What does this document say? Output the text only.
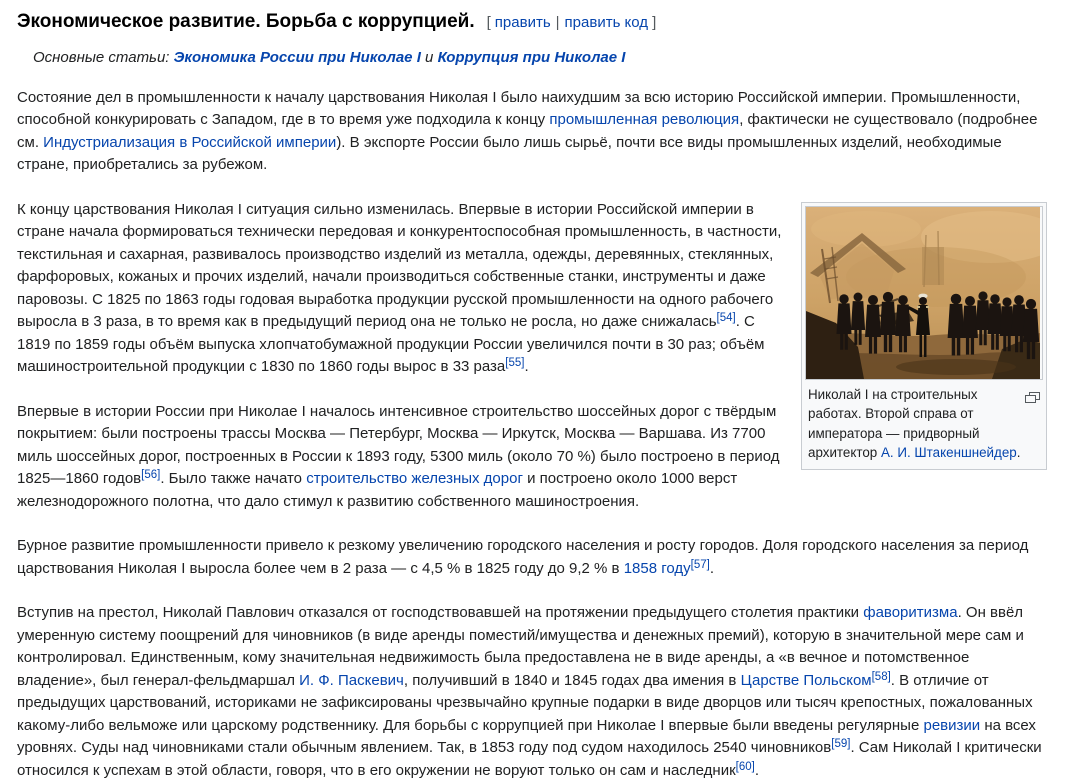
Экономическое развитие. Борьба с коррупцией. [ править | править код ]
Основные статьи: Экономика России при Николае I и Коррупция при Николае I

Состояние дел в промышленности к началу царствования Николая I было наихудшим за всю историю Российской империи. Промышленности, способной конкурировать с Западом, где в то время уже подходила к концу промышленная революция, фактически не существовало (подробнее см. Индустриализация в Российской империи). В экспорте России было лишь сырьё, почти все виды промышленных изделий, необходимые стране, приобретались за рубежом.

Николай I на строительных работах. Второй справа от императора — придворный архитектор А. И. Штакеншнейдер.

К концу царствования Николая I ситуация сильно изменилась. Впервые в истории Российской империи в стране начала формироваться технически передовая и конкурентоспособная промышленность, в частности, текстильная и сахарная, развивалось производство изделий из металла, одежды, деревянных, стеклянных, фарфоровых, кожаных и прочих изделий, начали производиться собственные станки, инструменты и даже паровозы. С 1825 по 1863 годы годовая выработка продукции русской промышленности на одного рабочего выросла в 3 раза, в то время как в предыдущий период она не только не росла, но даже снижалась[54]. С 1819 по 1859 годы объём выпуска хлопчатобумажной продукции России увеличился почти в 30 раз; объём машиностроительной продукции с 1830 по 1860 годы вырос в 33 раза[55].

Впервые в истории России при Николае I началось интенсивное строительство шоссейных дорог с твёрдым покрытием: были построены трассы Москва — Петербург, Москва — Иркутск, Москва — Варшава. Из 7700 миль шоссейных дорог, построенных в России к 1893 году, 5300 миль (около 70 %) было построено в период 1825—1860 годов[56]. Было также начато строительство железных дорог и построено около 1000 верст железнодорожного полотна, что дало стимул к развитию собственного машиностроения.

Бурное развитие промышленности привело к резкому увеличению городского населения и росту городов. Доля городского населения за период царствования Николая I выросла более чем в 2 раза — с 4,5 % в 1825 году до 9,2 % в 1858 году[57].

Вступив на престол, Николай Павлович отказался от господствовавшей на протяжении предыдущего столетия практики фаворитизма. Он ввёл умеренную систему поощрений для чиновников (в виде аренды поместий/имущества и денежных премий), которую в значительной мере сам и контролировал. Единственным, кому значительная недвижимость была предоставлена не в виде аренды, а «в вечное и потомственное владение», был генерал-фельдмаршал И. Ф. Паскевич, получивший в 1840 и 1845 годах два имения в Царстве Польском[58]. В отличие от предыдущих царствований, историками не зафиксированы чрезвычайно крупные подарки в виде дворцов или тысяч крепостных, пожалованных какому-либо вельможе или царскому родственнику. Для борьбы с коррупцией при Николае I впервые были введены регулярные ревизии на всех уровнях. Суды над чиновниками стали обычным явлением. Так, в 1853 году под судом находилось 2540 чиновников[59]. Сам Николай I критически относился к успехам в этой области, говоря, что в его окружении не воруют только он сам и наследник[60].
